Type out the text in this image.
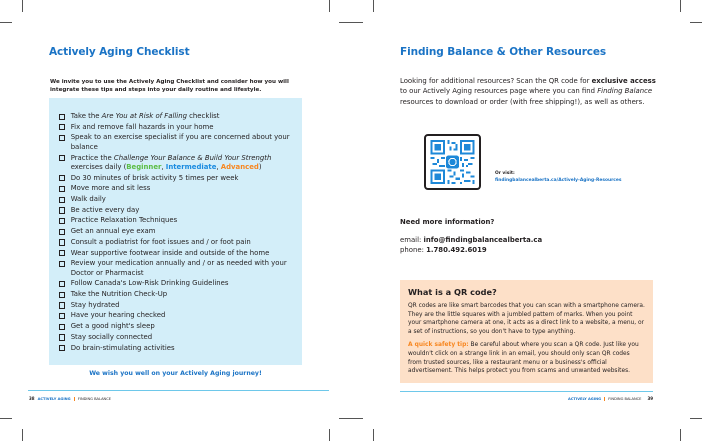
Actively Aging Checklist
We invite you to use the Actively Aging Checklist and consider how you will integrate these tips and steps into your daily routine and lifestyle.
Take the Are You at Risk of Falling checklist
Fix and remove fall hazards in your home
Speak to an exercise specialist if you are concerned about your balance
Practice the Challenge Your Balance & Build Your Strength exercises daily (Beginner, Intermediate, Advanced)
Do 30 minutes of brisk activity 5 times per week
Move more and sit less
Walk daily
Be active every day
Practice Relaxation Techniques
Get an annual eye exam
Consult a podiatrist for foot issues and / or foot pain
Wear supportive footwear inside and outside of the home
Review your medication annually and / or as needed with your Doctor or Pharmacist
Follow Canada's Low-Risk Drinking Guidelines
Take the Nutrition Check-Up
Stay hydrated
Have your hearing checked
Get a good night's sleep
Stay socially connected
Do brain-stimulating activities
We wish you well on your Actively Aging journey!
38 ACTIVELY AGING FINDING BALANCE
Finding Balance & Other Resources
Looking for additional resources? Scan the QR code for exclusive access to our Actively Aging resources page where you can find Finding Balance resources to download or order (with free shipping!), as well as others.
Or visit:
findingbalancealberta.ca/Actively-Aging-Resources
Need more information?
email: info@findingbalancealberta.ca
phone: 1.780.492.6019
What is a QR code?
QR codes are like smart barcodes that you can scan with a smartphone camera. They are the little squares with a jumbled pattern of marks. When you point your smartphone camera at one, it acts as a direct link to a website, a menu, or a set of instructions, so you don't have to type anything.
A quick safety tip: Be careful about where you scan a QR code. Just like you wouldn't click on a strange link in an email, you should only scan QR codes from trusted sources, like a restaurant menu or a business's official advertisement. This helps protect you from scams and unwanted websites.
ACTIVELY AGING FINDING BALANCE 39
